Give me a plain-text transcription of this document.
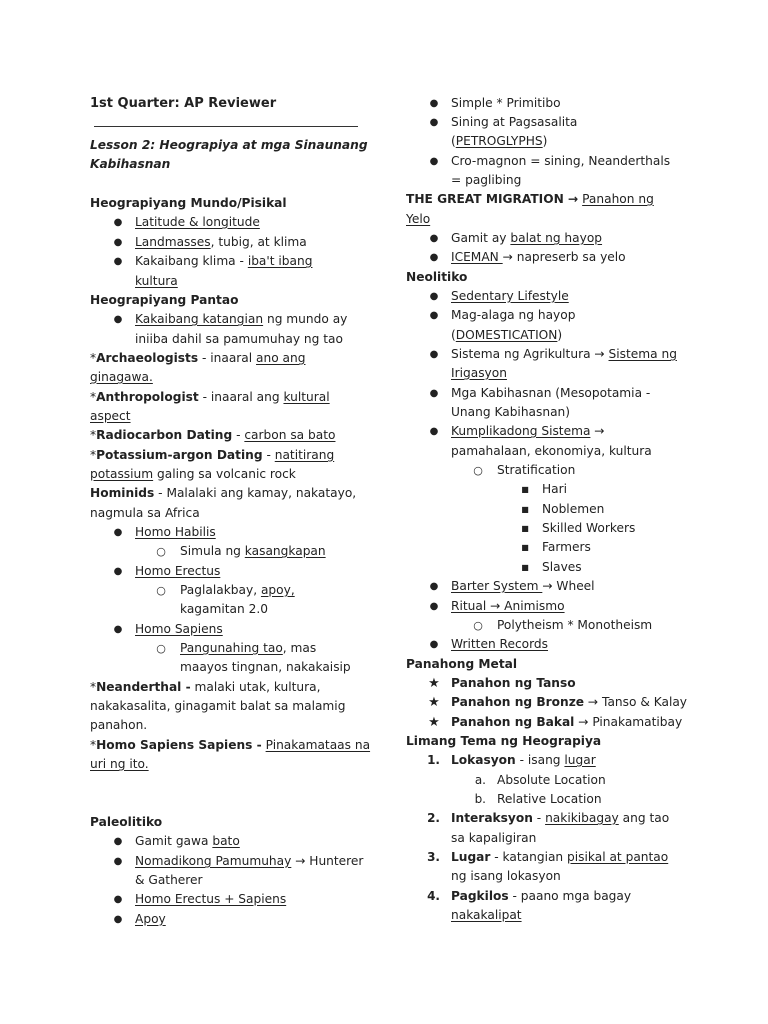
1st Quarter: AP Reviewer
Lesson 2: Heograpiya at mga Sinaunang
Kabihasnan
Heograpiyang Mundo/Pisikal
● Latitude & longitude
● Landmasses, tubig, at klima
● Kakaibang klima - iba't ibang
kultura
Heograpiyang Pantao
● Kakaibang katangian ng mundo ay
iniiba dahil sa pamumuhay ng tao
*Archaeologists - inaaral ano ang
ginagawa.
*Anthropologist - inaaral ang kultural
aspect
*Radiocarbon Dating - carbon sa bato
*Potassium-argon Dating - natitirang
potassium galing sa volcanic rock
Hominids - Malalaki ang kamay, nakatayo,
nagmula sa Africa
● Homo Habilis
○ Simula ng kasangkapan
● Homo Erectus
○ Paglalakbay, apoy,
kagamitan 2.0
● Homo Sapiens
○ Pangunahing tao, mas
maayos tingnan, nakakaisip
*Neanderthal - malaki utak, kultura,
nakakasalita, ginagamit balat sa malamig
panahon.
*Homo Sapiens Sapiens - Pinakamataas na
uri ng ito.
Paleolitiko
● Gamit gawa bato
● Nomadikong Pamumuhay → Hunterer
& Gatherer
● Homo Erectus + Sapiens
● Apoy
● Simple * Primitibo
● Sining at Pagsasalita
(PETROGLYPHS)
● Cro-magnon = sining, Neanderthals
= paglibing
THE GREAT MIGRATION → Panahon ng
Yelo
● Gamit ay balat ng hayop
● ICEMAN → napreserb sa yelo
Neolitiko
● Sedentary Lifestyle
● Mag-alaga ng hayop
(DOMESTICATION)
● Sistema ng Agrikultura → Sistema ng
Irigasyon
● Mga Kabihasnan (Mesopotamia -
Unang Kabihasnan)
● Kumplikadong Sistema →
pamahalaan, ekonomiya, kultura
○ Stratification
■ Hari
■ Noblemen
■ Skilled Workers
■ Farmers
■ Slaves
● Barter System → Wheel
● Ritual → Animismo
○ Polytheism * Monotheism
● Written Records
Panahong Metal
★ Panahon ng Tanso
★ Panahon ng Bronze → Tanso & Kalay
★ Panahon ng Bakal → Pinakamatibay
Limang Tema ng Heograpiya
1. Lokasyon - isang lugar
a. Absolute Location
b. Relative Location
2. Interaksyon - nakikibagay ang tao
sa kapaligiran
3. Lugar - katangian pisikal at pantao
ng isang lokasyon
4. Pagkilos - paano mga bagay
nakakalipat
